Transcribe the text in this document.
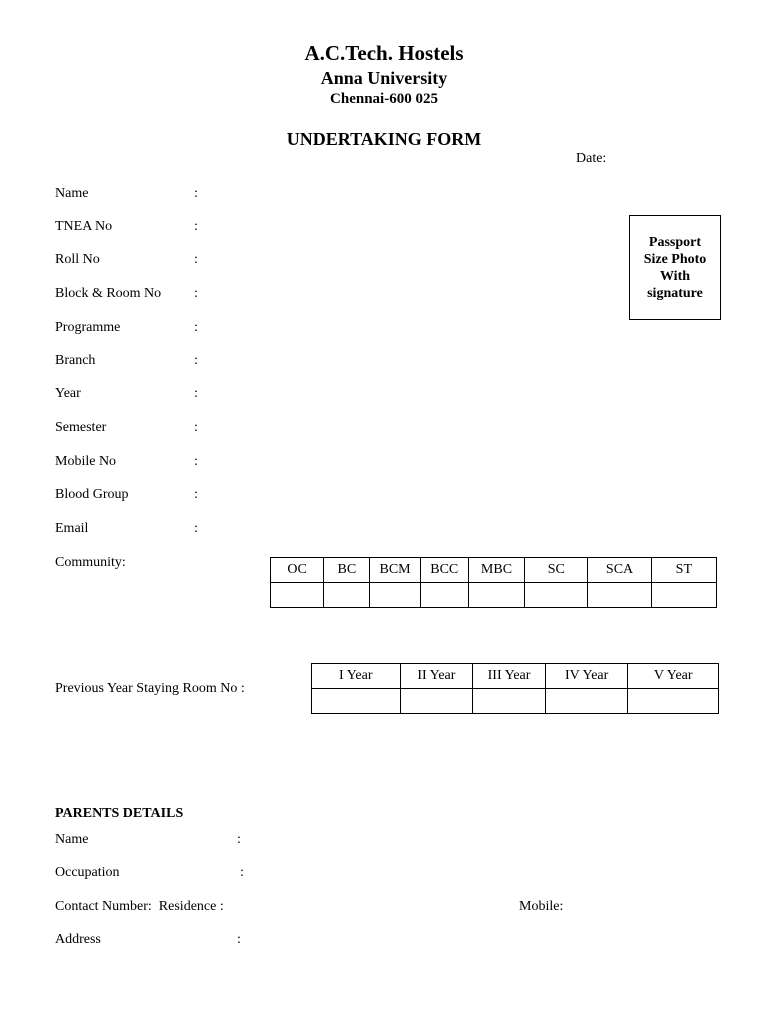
A.C.Tech. Hostels
Anna University
Chennai-600 025
UNDERTAKING FORM
Date:
Name	:
TNEA No	:
Roll No	:
Block & Room No :
Programme	:
Branch	:
Year	:
Semester	:
Mobile No	:
Blood Group	:
Email	:
Passport
Size Photo
With
signature
Community:	OC	BC	BCM	BCC	MBC	SC	SCA	ST

Previous Year Staying Room No :
I Year	II Year	III Year	IV Year	V Year

PARENTS DETAILS
Name	:
Occupation	:
Contact Number:  Residence :	Mobile:
Address	:
